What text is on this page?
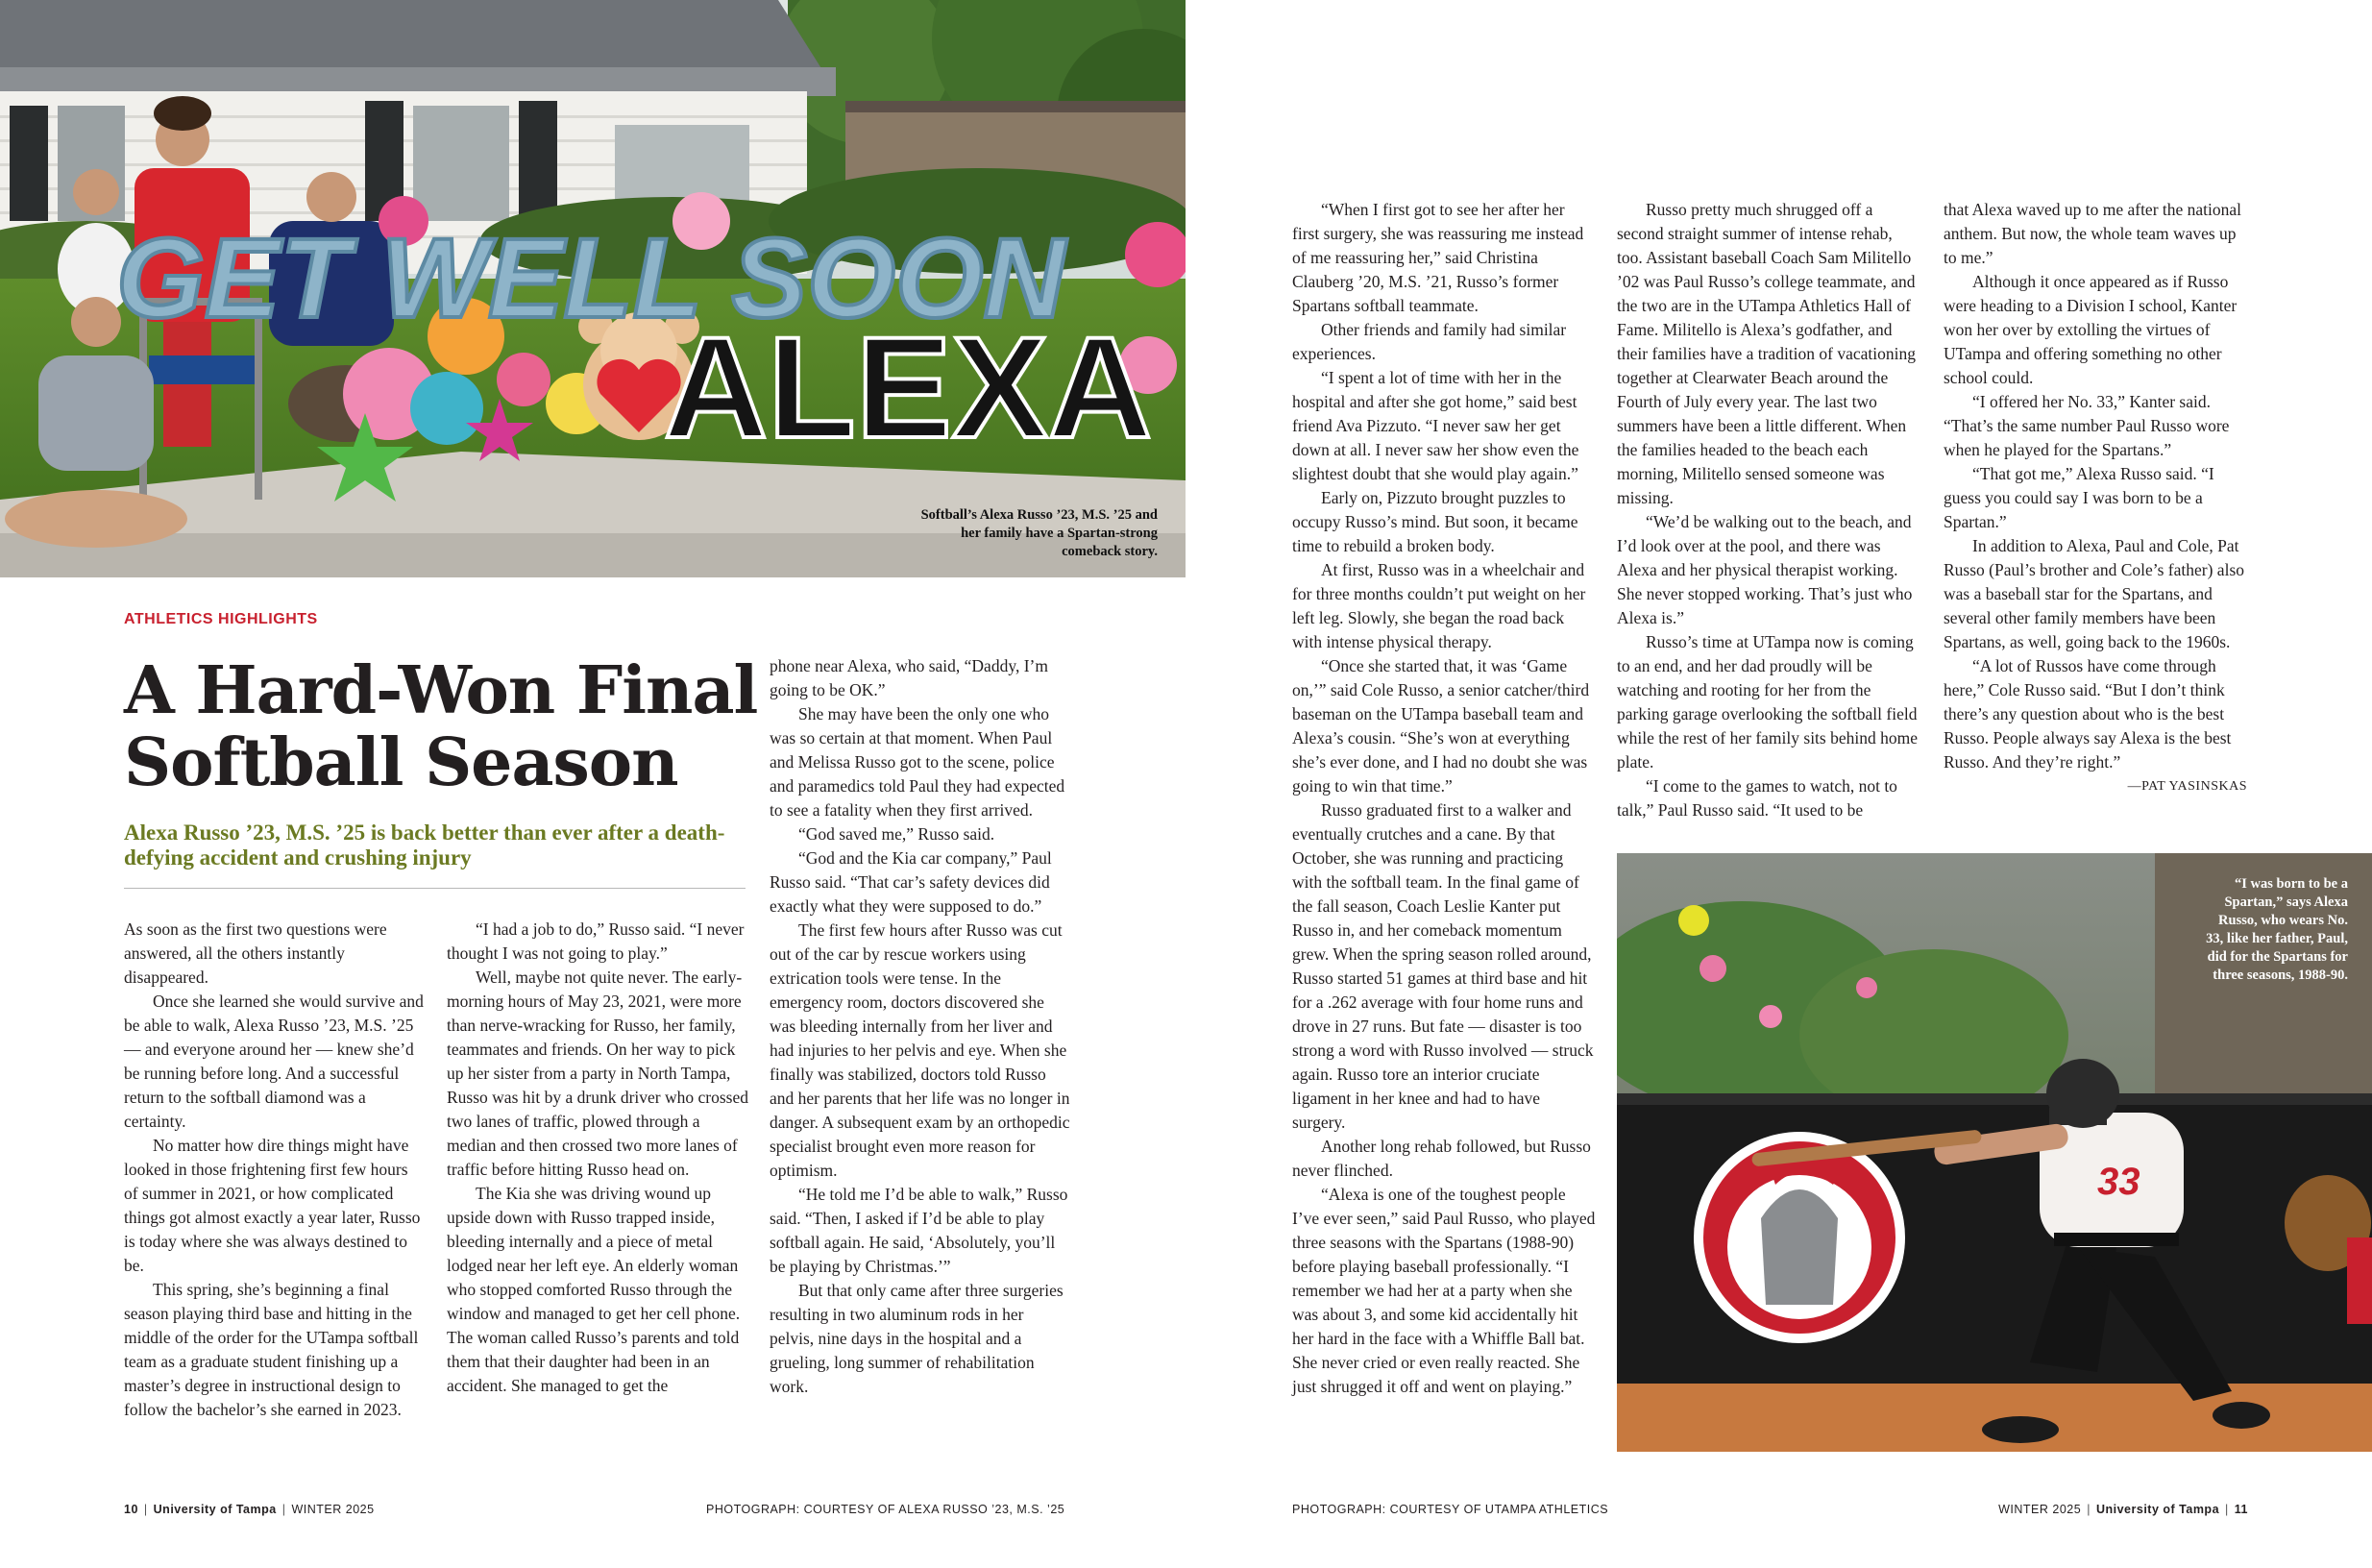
GET WELL SOON
ALEXA
Softball’s Alexa Russo ’23, M.S. ’25 and her family have a Spartan-strong comeback story.
ATHLETICS HIGHLIGHTS
A Hard-Won Final Softball Season
Alexa Russo ’23, M.S. ’25 is back better than ever after a death-defying accident and crushing injury

As soon as the first two questions were answered, all the others instantly disappeared.

Once she learned she would survive and be able to walk, Alexa Russo ’23, M.S. ’25 — and everyone around her — knew she’d be running before long. And a successful return to the softball diamond was a certainty.

No matter how dire things might have looked in those frightening first few hours of summer in 2021, or how complicated things got almost exactly a year later, Russo is today where she was always destined to be.

This spring, she’s beginning a final season playing third base and hitting in the middle of the order for the UTampa softball team as a graduate student finishing up a master’s degree in instructional design to follow the bachelor’s she earned in 2023.

“I had a job to do,” Russo said. “I never thought I was not going to play.”

Well, maybe not quite never. The early-morning hours of May 23, 2021, were more than nerve-wracking for Russo, her family, teammates and friends. On her way to pick up her sister from a party in North Tampa, Russo was hit by a drunk driver who crossed two lanes of traffic, plowed through a median and then crossed two more lanes of traffic before hitting Russo head on.

The Kia she was driving wound up upside down with Russo trapped inside, bleeding internally and a piece of metal lodged near her left eye. An elderly woman who stopped comforted Russo through the window and managed to get her cell phone. The woman called Russo’s parents and told them that their daughter had been in an accident. She managed to get the

phone near Alexa, who said, “Daddy, I’m going to be OK.”

She may have been the only one who was so certain at that moment. When Paul and Melissa Russo got to the scene, police and paramedics told Paul they had expected to see a fatality when they first arrived.

“God saved me,” Russo said.

“God and the Kia car company,” Paul Russo said. “That car’s safety devices did exactly what they were supposed to do.”

The first few hours after Russo was cut out of the car by rescue workers using extrication tools were tense. In the emergency room, doctors discovered she was bleeding internally from her liver and had injuries to her pelvis and eye. When she finally was stabilized, doctors told Russo and her parents that her life was no longer in danger. A subsequent exam by an orthopedic specialist brought even more reason for optimism.

“He told me I’d be able to walk,” Russo said. “Then, I asked if I’d be able to play softball again. He said, ‘Absolutely, you’ll be playing by Christmas.’”

But that only came after three surgeries resulting in two aluminum rods in her pelvis, nine days in the hospital and a grueling, long summer of rehabilitation work.

“When I first got to see her after her first surgery, she was reassuring me instead of me reassuring her,” said Christina Clauberg ’20, M.S. ’21, Russo’s former Spartans softball teammate.

Other friends and family had similar experiences.

“I spent a lot of time with her in the hospital and after she got home,” said best friend Ava Pizzuto. “I never saw her get down at all. I never saw her show even the slightest doubt that she would play again.”

Early on, Pizzuto brought puzzles to occupy Russo’s mind. But soon, it became time to rebuild a broken body.

At first, Russo was in a wheelchair and for three months couldn’t put weight on her left leg. Slowly, she began the road back with intense physical therapy.

“Once she started that, it was ‘Game on,’” said Cole Russo, a senior catcher/third baseman on the UTampa baseball team and Alexa’s cousin. “She’s won at everything she’s ever done, and I had no doubt she was going to win that time.”

Russo graduated first to a walker and eventually crutches and a cane. By that October, she was running and practicing with the softball team. In the final game of the fall season, Coach Leslie Kanter put Russo in, and her comeback momentum grew. When the spring season rolled around, Russo started 51 games at third base and hit for a .262 average with four home runs and drove in 27 runs. But fate — disaster is too strong a word with Russo involved — struck again. Russo tore an interior cruciate ligament in her knee and had to have surgery.

Another long rehab followed, but Russo never flinched.

“Alexa is one of the toughest people I’ve ever seen,” said Paul Russo, who played three seasons with the Spartans (1988-90) before playing baseball professionally. “I remember we had her at a party when she was about 3, and some kid accidentally hit her hard in the face with a Whiffle Ball bat. She never cried or even really reacted. She just shrugged it off and went on playing.”

Russo pretty much shrugged off a second straight summer of intense rehab, too. Assistant baseball Coach Sam Militello ’02 was Paul Russo’s college teammate, and the two are in the UTampa Athletics Hall of Fame. Militello is Alexa’s godfather, and their families have a tradition of vacationing together at Clearwater Beach around the Fourth of July every year. The last two summers have been a little different. When the families headed to the beach each morning, Militello sensed someone was missing.

“We’d be walking out to the beach, and I’d look over at the pool, and there was Alexa and her physical therapist working. She never stopped working. That’s just who Alexa is.”

Russo’s time at UTampa now is coming to an end, and her dad proudly will be watching and rooting for her from the parking garage overlooking the softball field while the rest of her family sits behind home plate.

“I come to the games to watch, not to talk,” Paul Russo said. “It used to be

that Alexa waved up to me after the national anthem. But now, the whole team waves up to me.”

Although it once appeared as if Russo were heading to a Division I school, Kanter won her over by extolling the virtues of UTampa and offering something no other school could.

“I offered her No. 33,” Kanter said. “That’s the same number Paul Russo wore when he played for the Spartans.”

“That got me,” Alexa Russo said. “I guess you could say I was born to be a Spartan.”

In addition to Alexa, Paul and Cole, Pat Russo (Paul’s brother and Cole’s father) also was a baseball star for the Spartans, and several other family members have been Spartans, as well, going back to the 1960s.

“A lot of Russos have come through here,” Cole Russo said. “But I don’t think there’s any question about who is the best Russo. People always say Alexa is the best Russo. And they’re right.”

—PAT YASINSKAS

33
“I was born to be a Spartan,” says Alexa Russo, who wears No. 33, like her father, Paul, did for the Spartans for three seasons, 1988-90.
10 | University of Tampa | WINTER 2025	PHOTOGRAPH: COURTESY OF ALEXA RUSSO ’23, M.S. ’25	PHOTOGRAPH: COURTESY OF UTAMPA ATHLETICS	WINTER 2025 | University of Tampa | 11
